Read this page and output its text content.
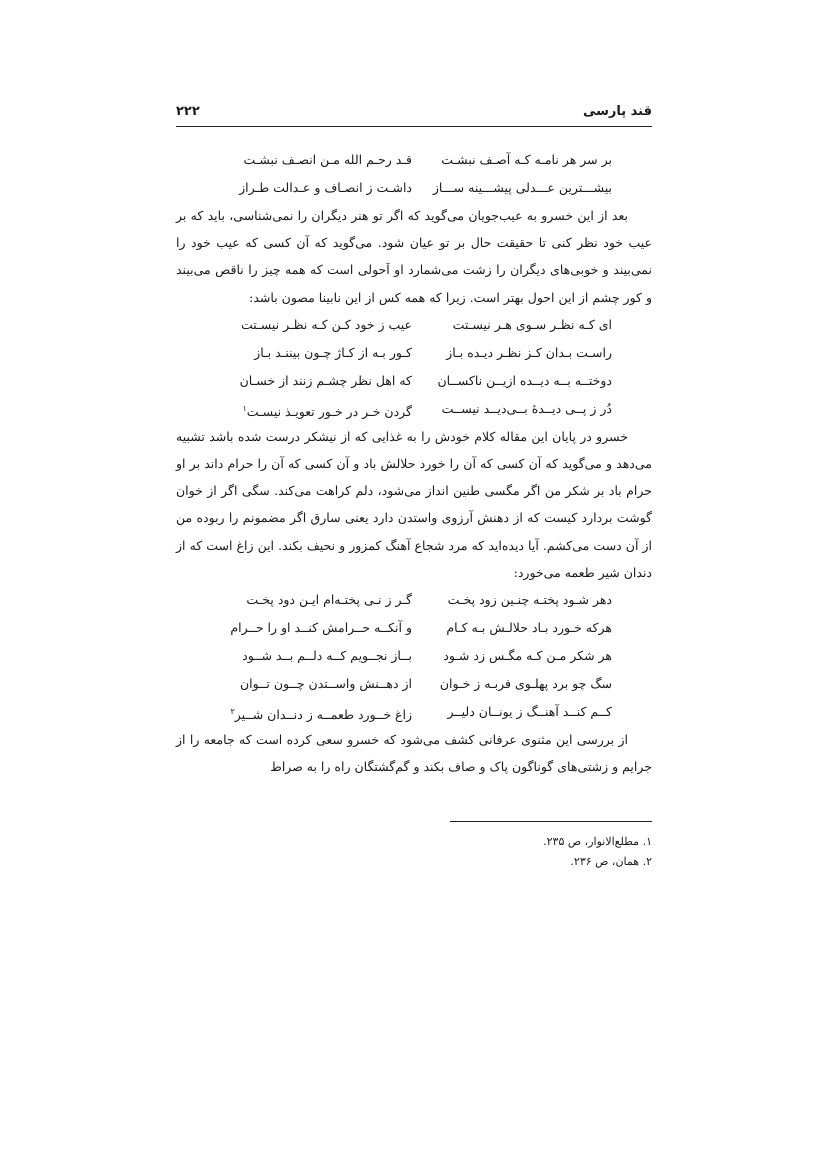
قند پارسی
۲۲۲
بر سر هر نامـه کـه آصـف نبشـت
قـد رحـم الله مـن انصـف نبشـت
بیشـــترین عـــدلی پیشـــینه ســـاز
داشـت ز انصـاف و عـدالت طـراز
بعد از این خسرو به عیب‌جویان می‌گوید که اگر تو هنر دیگران را نمی‌شناسی، باید که بر عیب خود نظر کنی تا حقیقت حال بر تو عیان شود. می‌گوید که آن کسی که عیب خود را نمی‌بیند و خوبی‌های دیگران را زشت می‌شمارد او اَحولی است که همه چیز را ناقص می‌بیند و کور چشم از این احول بهتر است. زیرا که همه کس از این نابینا مصون باشد:
ای کـه نظـر سـوی هـر نیسـتت
عیب ز خود کـن کـه نظـر نیسـتت
راسـت بـدان کـز نظـر دیـده بـاز
کـور بـه از کـاژ چـون بیننـد بـاز
دوختــه بــه دیــده ازیــن ناکســان
که اهل نظر چشـم زنند از خسـان
دُر ز پــی دیــدهٔ بــی‌دیــد نیســت
گردن خـر در خـور تعویـذ نیسـت$^۱$
خسرو در پایان این مقاله کلام خودش را به غذایی که از نیشکر درست شده باشد تشبیه می‌دهد و می‌گوید که آن کسی که آن را خورد حلالش باد و آن کسی که آن را حرام داند بر او حرام باد بر شکر من اگر مگسی طنین انداز می‌شود، دلم کراهت می‌کند. سگی اگر از خوان گوشت بردارد کیست که از دهنش آرزوی واستدن دارد یعنی سارق اگر مضمونم را ربوده من از آن دست می‌کشم. آیا دیده‌اید که مرد شجاع آهنگ کمزور و نحیف بکند. این زاغ است که از دندان شیر طعمه می‌خورد:
دهر شـود پختـه چنـین زود پخـت
گـر ز نـی پختـه‌ام ایـن دود پخـت
هرکه خـورد بـاد حلالـش بـه کـام
و آنکــه حــرامش کنــد او را حــرام
هر شکر مـن کـه مگـس زد شـود
بــاز نجــویم کــه دلــم بــد شــود
سگ چو برد پهلـوی فربـه ز خـوان
از دهــنش واســتدن چــون تــوان
کــم کنــد آهنــگ ز یونــان دلیــر
زاغ خــورد طعمــه ز دنــدان شــیر$^۲$
از بررسی این مثنوی عرفانی کشف می‌شود که خسرو سعی کرده است که جامعه را از جرایم و زشتی‌های گوناگون پاک و صاف بکند و گم‌گشتگان راه را به صراط

۱. مطلع‌الانوار، ص ۲۳۵.

۲. همان، ص ۲۳۶.
